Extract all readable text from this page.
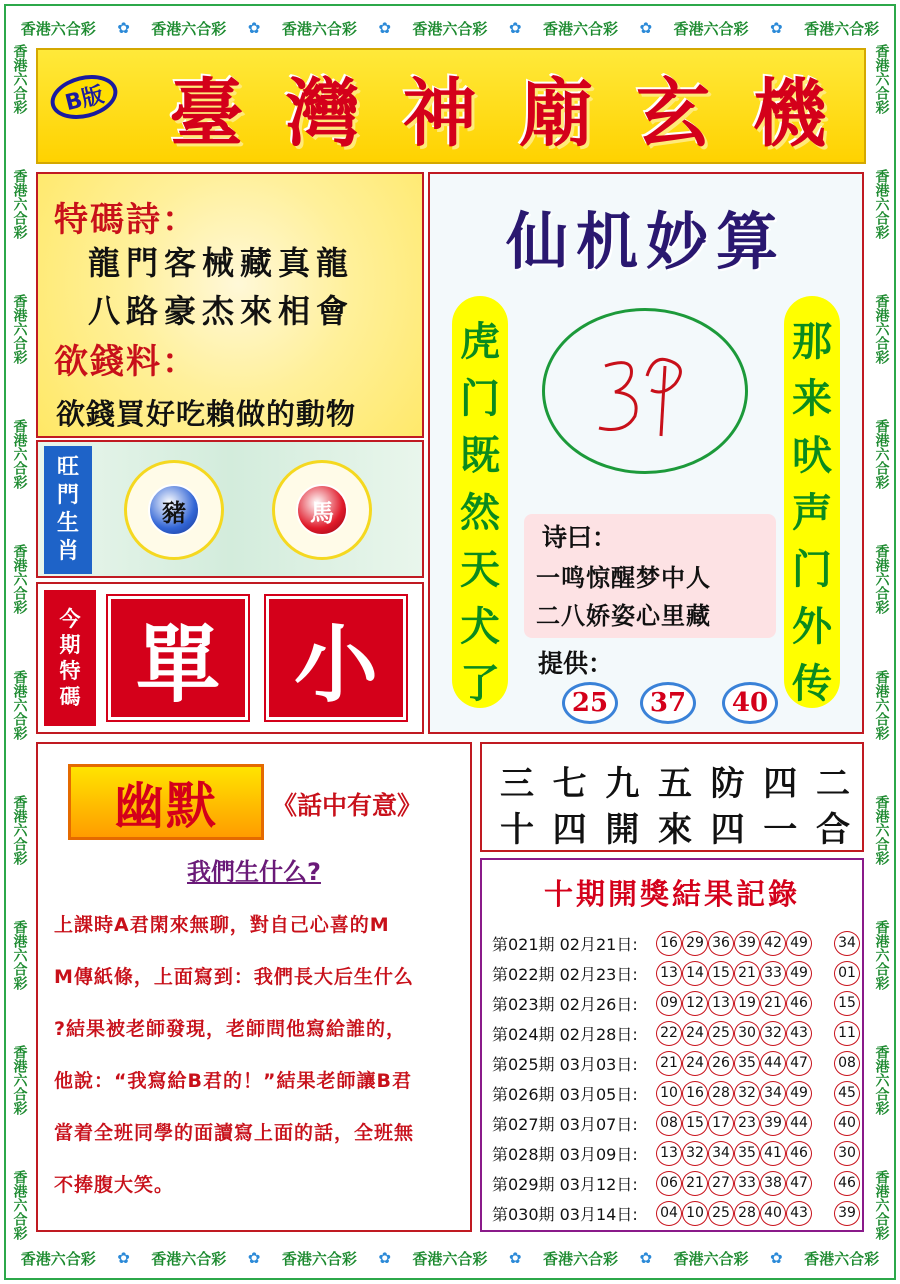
香港六合彩 ✿ 香港六合彩 ✿ 香港六合彩 ✿ 香港六合彩 ✿ 香港六合彩 ✿ 香港六合彩 ✿ 香港六合彩
香港六合彩 ✿ 香港六合彩 ✿ 香港六合彩 ✿ 香港六合彩 ✿ 香港六合彩 ✿ 香港六合彩 ✿ 香港六合彩
香港六合彩
香港六合彩
香港六合彩
香港六合彩
香港六合彩
香港六合彩
香港六合彩
香港六合彩
香港六合彩
香港六合彩
香港六合彩
香港六合彩
香港六合彩
香港六合彩
香港六合彩
香港六合彩
香港六合彩
香港六合彩
香港六合彩
香港六合彩
B版 臺 灣 神 廟 玄 機
特碼詩：
龍門客械藏真龍
八路豪杰來相會
欲錢料：
欲錢買好吃賴做的動物
旺
門
生
肖
豬	馬
今
期
特
碼 單 小
仙机妙算
虎
门
既
然
天
犬
了
那
来
吠
声
门
外
传
诗曰：
一鸣惊醒梦中人
二八娇姿心里藏
提供：
25	37	40
幽默	《話中有意》
我們生什么?
上課時A君閑來無聊，對自己心喜的M
M傳紙條，上面寫到：我們長大后生什么
?結果被老師發現，老師問他寫給誰的，
他說：“我寫給B君的！”結果老師讓B君
當着全班同學的面讀寫上面的話，全班無
不捧腹大笑。
三 七 九 五 防 四 二
十 四 開 來 四 一 合
十期開獎結果記錄
第021期 02月21日:	16 29 36 39 42 49 34
第022期 02月23日:	13 14 15 21 33 49 01
第023期 02月26日:	09 12 13 19 21 46 15
第024期 02月28日:	22 24 25 30 32 43 11
第025期 03月03日:	21 24 26 35 44 47 08
第026期 03月05日:	10 16 28 32 34 49 45
第027期 03月07日:	08 15 17 23 39 44 40
第028期 03月09日:	13 32 34 35 41 46 30
第029期 03月12日:	06 21 27 33 38 47 46
第030期 03月14日:	04 10 25 28 40 43 39
